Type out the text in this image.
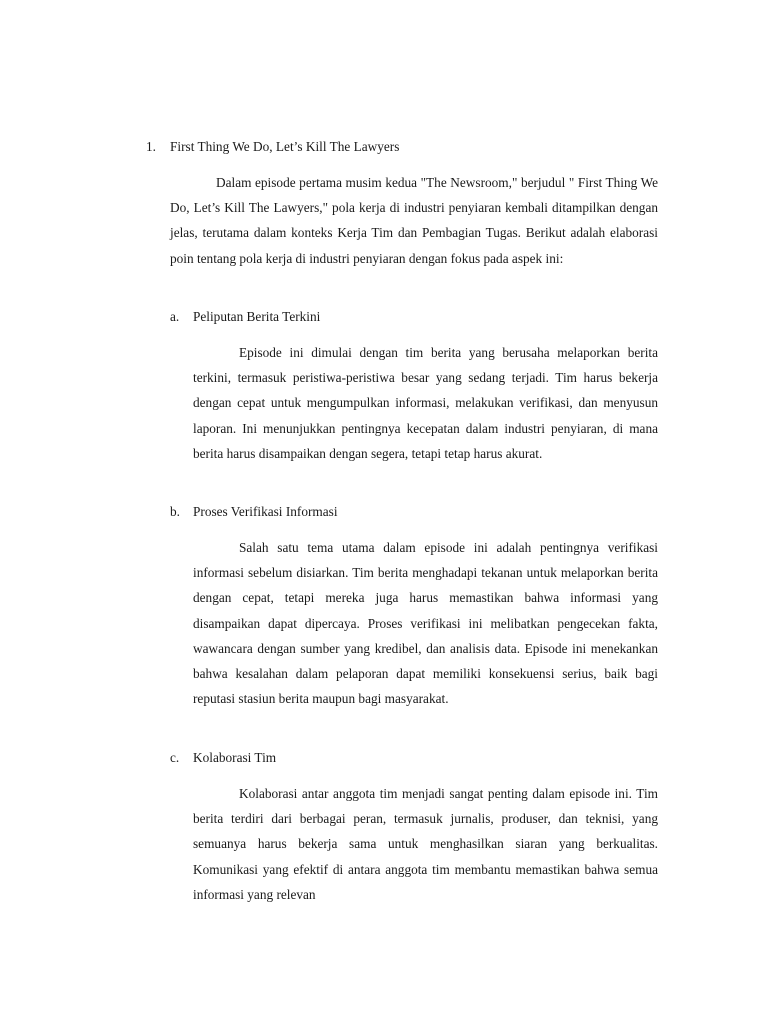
1. First Thing We Do, Let’s Kill The Lawyers

Dalam episode pertama musim kedua "The Newsroom," berjudul " First Thing We Do, Let’s Kill The Lawyers," pola kerja di industri penyiaran kembali ditampilkan dengan jelas, terutama dalam konteks Kerja Tim dan Pembagian Tugas. Berikut adalah elaborasi poin tentang pola kerja di industri penyiaran dengan fokus pada aspek ini:

a. Peliputan Berita Terkini

Episode ini dimulai dengan tim berita yang berusaha melaporkan berita terkini, termasuk peristiwa-peristiwa besar yang sedang terjadi. Tim harus bekerja dengan cepat untuk mengumpulkan informasi, melakukan verifikasi, dan menyusun laporan. Ini menunjukkan pentingnya kecepatan dalam industri penyiaran, di mana berita harus disampaikan dengan segera, tetapi tetap harus akurat.

b. Proses Verifikasi Informasi

Salah satu tema utama dalam episode ini adalah pentingnya verifikasi informasi sebelum disiarkan. Tim berita menghadapi tekanan untuk melaporkan berita dengan cepat, tetapi mereka juga harus memastikan bahwa informasi yang disampaikan dapat dipercaya. Proses verifikasi ini melibatkan pengecekan fakta, wawancara dengan sumber yang kredibel, dan analisis data. Episode ini menekankan bahwa kesalahan dalam pelaporan dapat memiliki konsekuensi serius, baik bagi reputasi stasiun berita maupun bagi masyarakat.

c. Kolaborasi Tim

Kolaborasi antar anggota tim menjadi sangat penting dalam episode ini. Tim berita terdiri dari berbagai peran, termasuk jurnalis, produser, dan teknisi, yang semuanya harus bekerja sama untuk menghasilkan siaran yang berkualitas. Komunikasi yang efektif di antara anggota tim membantu memastikan bahwa semua informasi yang relevan
